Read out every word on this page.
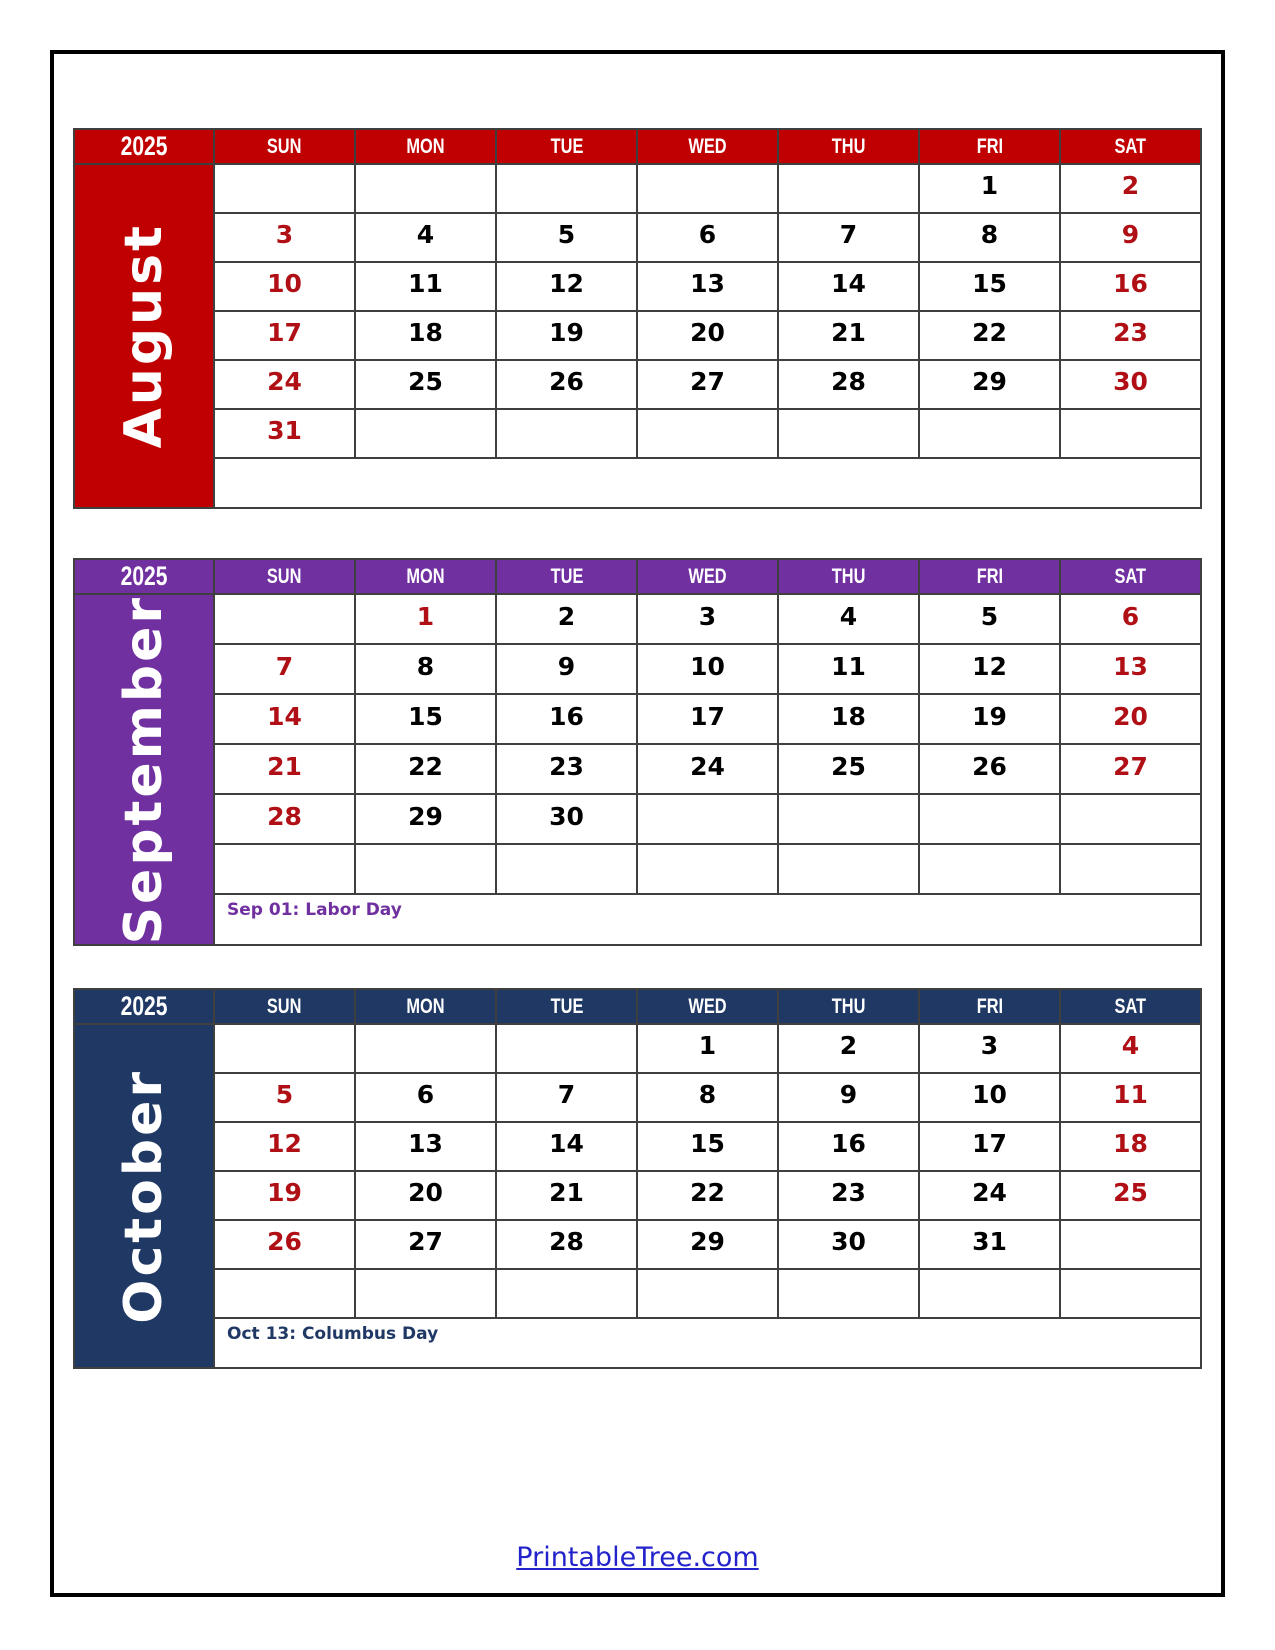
2025	SUN	MON	TUE	WED	THU	FRI	SAT

August						1	2
	3	4	5	6	7	8	9
	10	11	12	13	14	15	16
	17	18	19	20	21	22	23
	24	25	26	27	28	29	30
	31						

2025	SUN	MON	TUE	WED	THU	FRI	SAT

September		1	2	3	4	5	6
	7	8	9	10	11	12	13
	14	15	16	17	18	19	20
	21	22	23	24	25	26	27
	28	29	30				

	Sep 01: Labor Day						
2025	SUN	MON	TUE	WED	THU	FRI	SAT

October				1	2	3	4
	5	6	7	8	9	10	11
	12	13	14	15	16	17	18
	19	20	21	22	23	24	25
	26	27	28	29	30	31	

	Oct 13: Columbus Day						
PrintableTree.com
